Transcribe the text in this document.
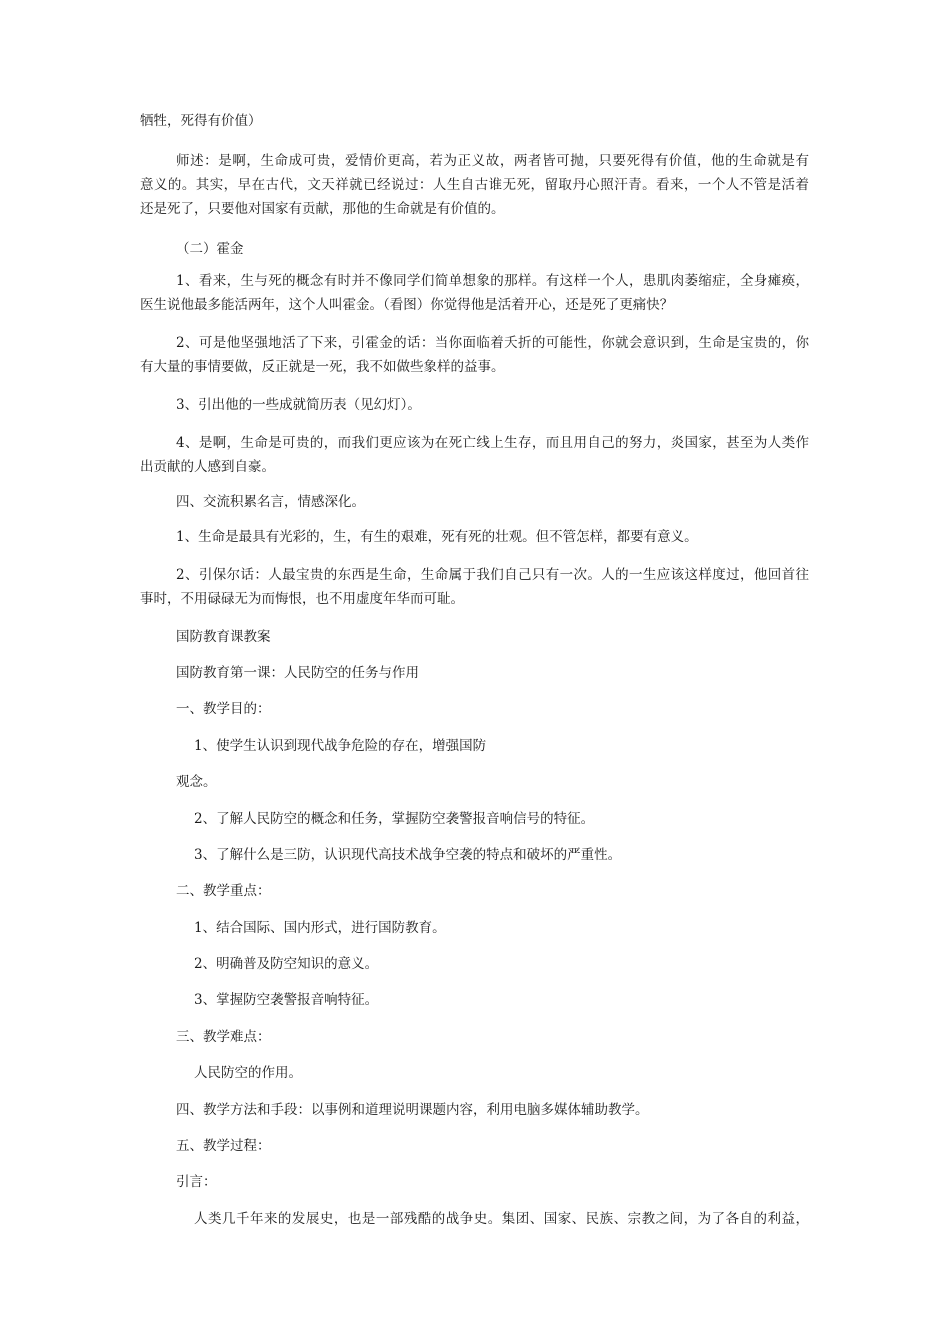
牺牲，死得有价值）
师述：是啊，生命成可贵，爱情价更高，若为正义故，两者皆可抛，只要死得有价值，他的生命就是有
意义的。其实，早在古代，文天祥就已经说过：人生自古谁无死，留取丹心照汗青。看来，一个人不管是活着
还是死了，只要他对国家有贡献，那他的生命就是有价值的。
（二）霍金
1、看来，生与死的概念有时并不像同学们简单想象的那样。有这样一个人，患肌肉萎缩症，全身瘫痪，
医生说他最多能活两年，这个人叫霍金。（看图）你觉得他是活着开心，还是死了更痛快？
2、可是他坚强地活了下来，引霍金的话：当你面临着夭折的可能性，你就会意识到，生命是宝贵的，你
有大量的事情要做，反正就是一死，我不如做些象样的益事。
3、引出他的一些成就简历表（见幻灯）。
4、是啊，生命是可贵的，而我们更应该为在死亡线上生存，而且用自己的努力，炎国家，甚至为人类作
出贡献的人感到自豪。
四、交流积累名言，情感深化。
1、生命是最具有光彩的，生，有生的艰难，死有死的壮观。但不管怎样，都要有意义。
2、引保尔话：人最宝贵的东西是生命，生命属于我们自己只有一次。人的一生应该这样度过，他回首往
事时，不用碌碌无为而悔恨，也不用虚度年华而可耻。
国防教育课教案
国防教育第一课：人民防空的任务与作用
一、教学目的：
1、使学生认识到现代战争危险的存在，增强国防
观念。
2、了解人民防空的概念和任务，掌握防空袭警报音响信号的特征。
3、了解什么是三防，认识现代高技术战争空袭的特点和破坏的严重性。
二、教学重点：
1、结合国际、国内形式，进行国防教育。
2、明确普及防空知识的意义。
3、掌握防空袭警报音响特征。
三、教学难点：
人民防空的作用。
四、教学方法和手段：以事例和道理说明课题内容，利用电脑多媒体辅助教学。
五、教学过程：
引言：
人类几千年来的发展史，也是一部残酷的战争史。集团、国家、民族、宗教之间，为了各自的利益，
